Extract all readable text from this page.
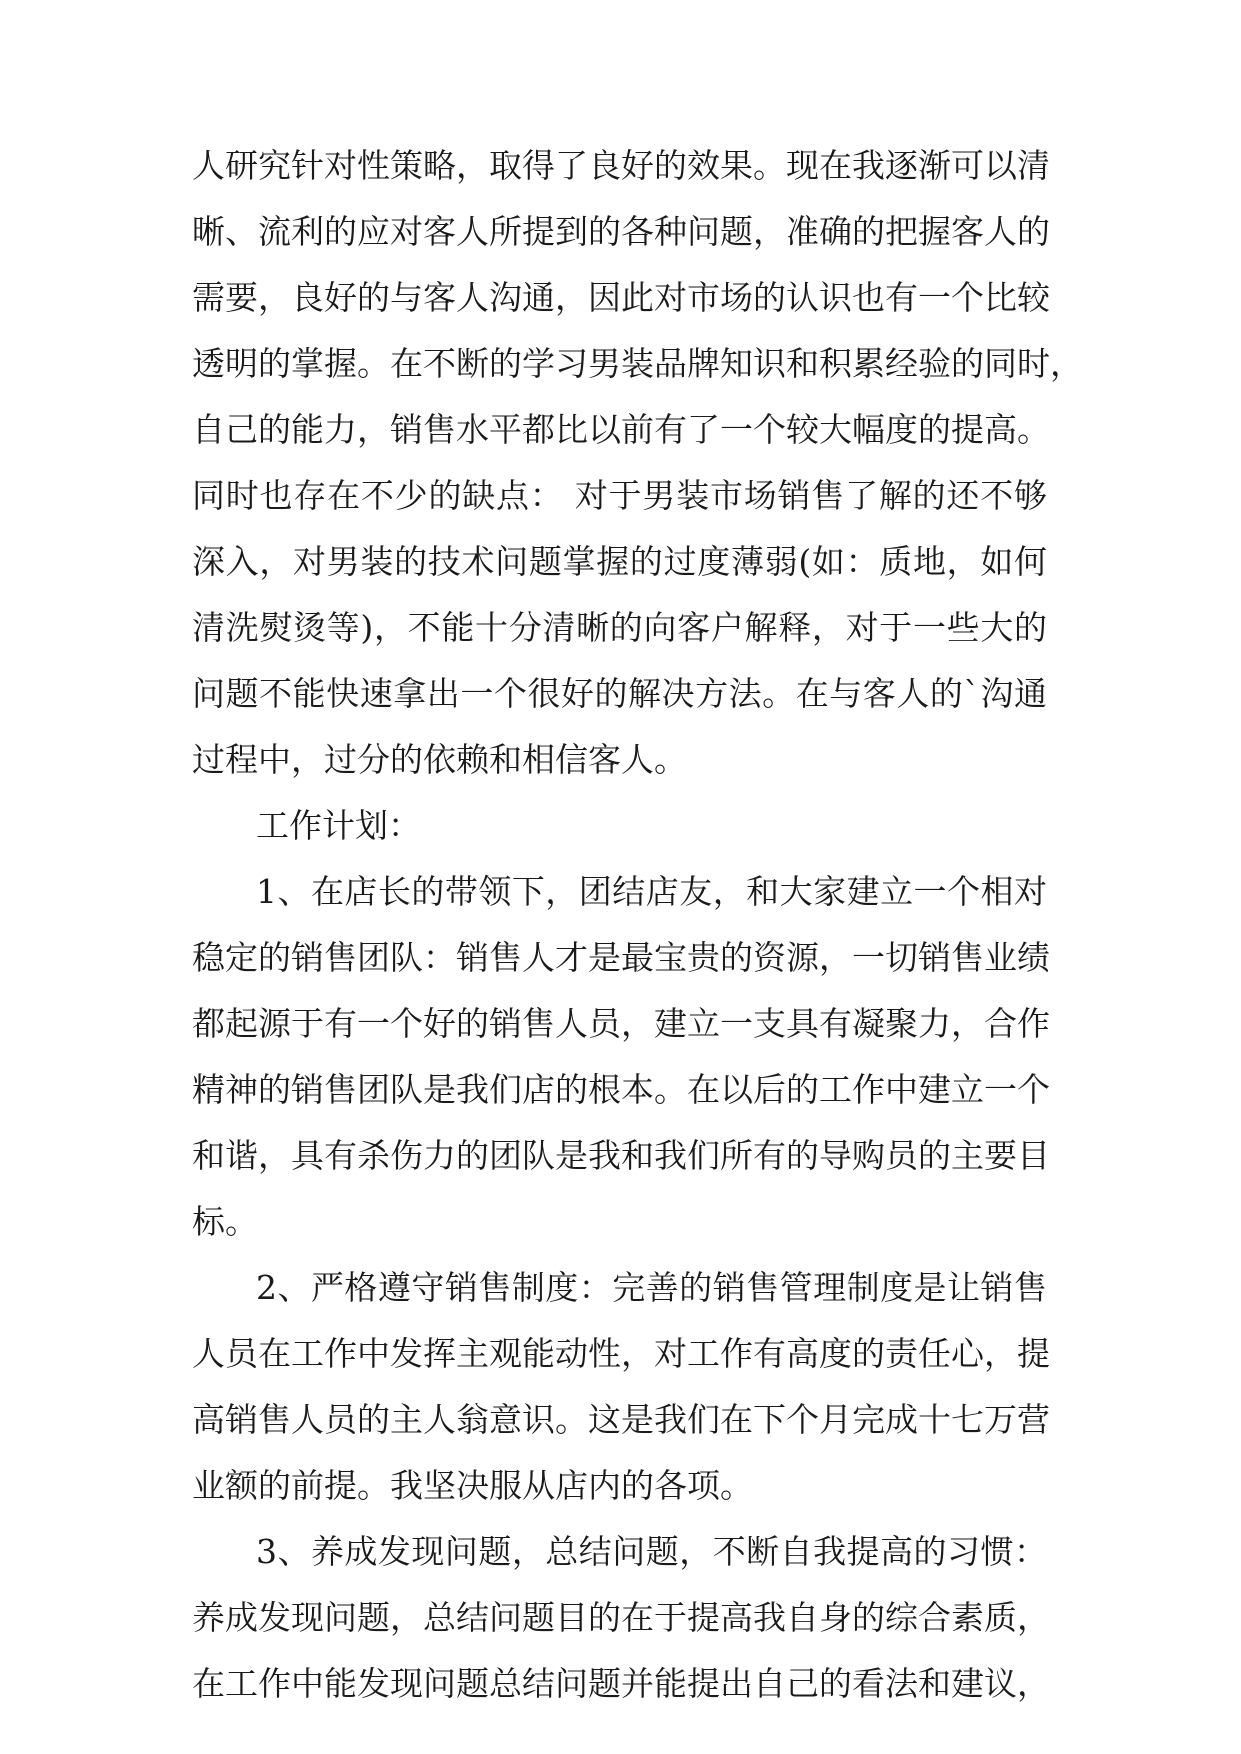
人研究针对性策略，取得了良好的效果。现在我逐渐可以清
晰、流利的应对客人所提到的各种问题，准确的把握客人的
需要，良好的与客人沟通，因此对市场的认识也有一个比较
透明的掌握。在不断的学习男装品牌知识和积累经验的同时，
自己的能力，销售水平都比以前有了一个较大幅度的提高。
同时也存在不少的缺点： 对于男装市场销售了解的还不够
深入，对男装的技术问题掌握的过度薄弱(如：质地，如何
清洗熨烫等)，不能十分清晰的向客户解释，对于一些大的
问题不能快速拿出一个很好的解决方法。在与客人的`沟通
过程中，过分的依赖和相信客人。
工作计划：
1、在店长的带领下，团结店友，和大家建立一个相对
稳定的销售团队：销售人才是最宝贵的资源，一切销售业绩
都起源于有一个好的销售人员，建立一支具有凝聚力，合作
精神的销售团队是我们店的根本。在以后的工作中建立一个
和谐，具有杀伤力的团队是我和我们所有的导购员的主要目
标。
2、严格遵守销售制度：完善的销售管理制度是让销售
人员在工作中发挥主观能动性，对工作有高度的责任心，提
高销售人员的主人翁意识。这是我们在下个月完成十七万营
业额的前提。我坚决服从店内的各项。
3、养成发现问题，总结问题，不断自我提高的习惯：
养成发现问题，总结问题目的在于提高我自身的综合素质，
在工作中能发现问题总结问题并能提出自己的看法和建议，
